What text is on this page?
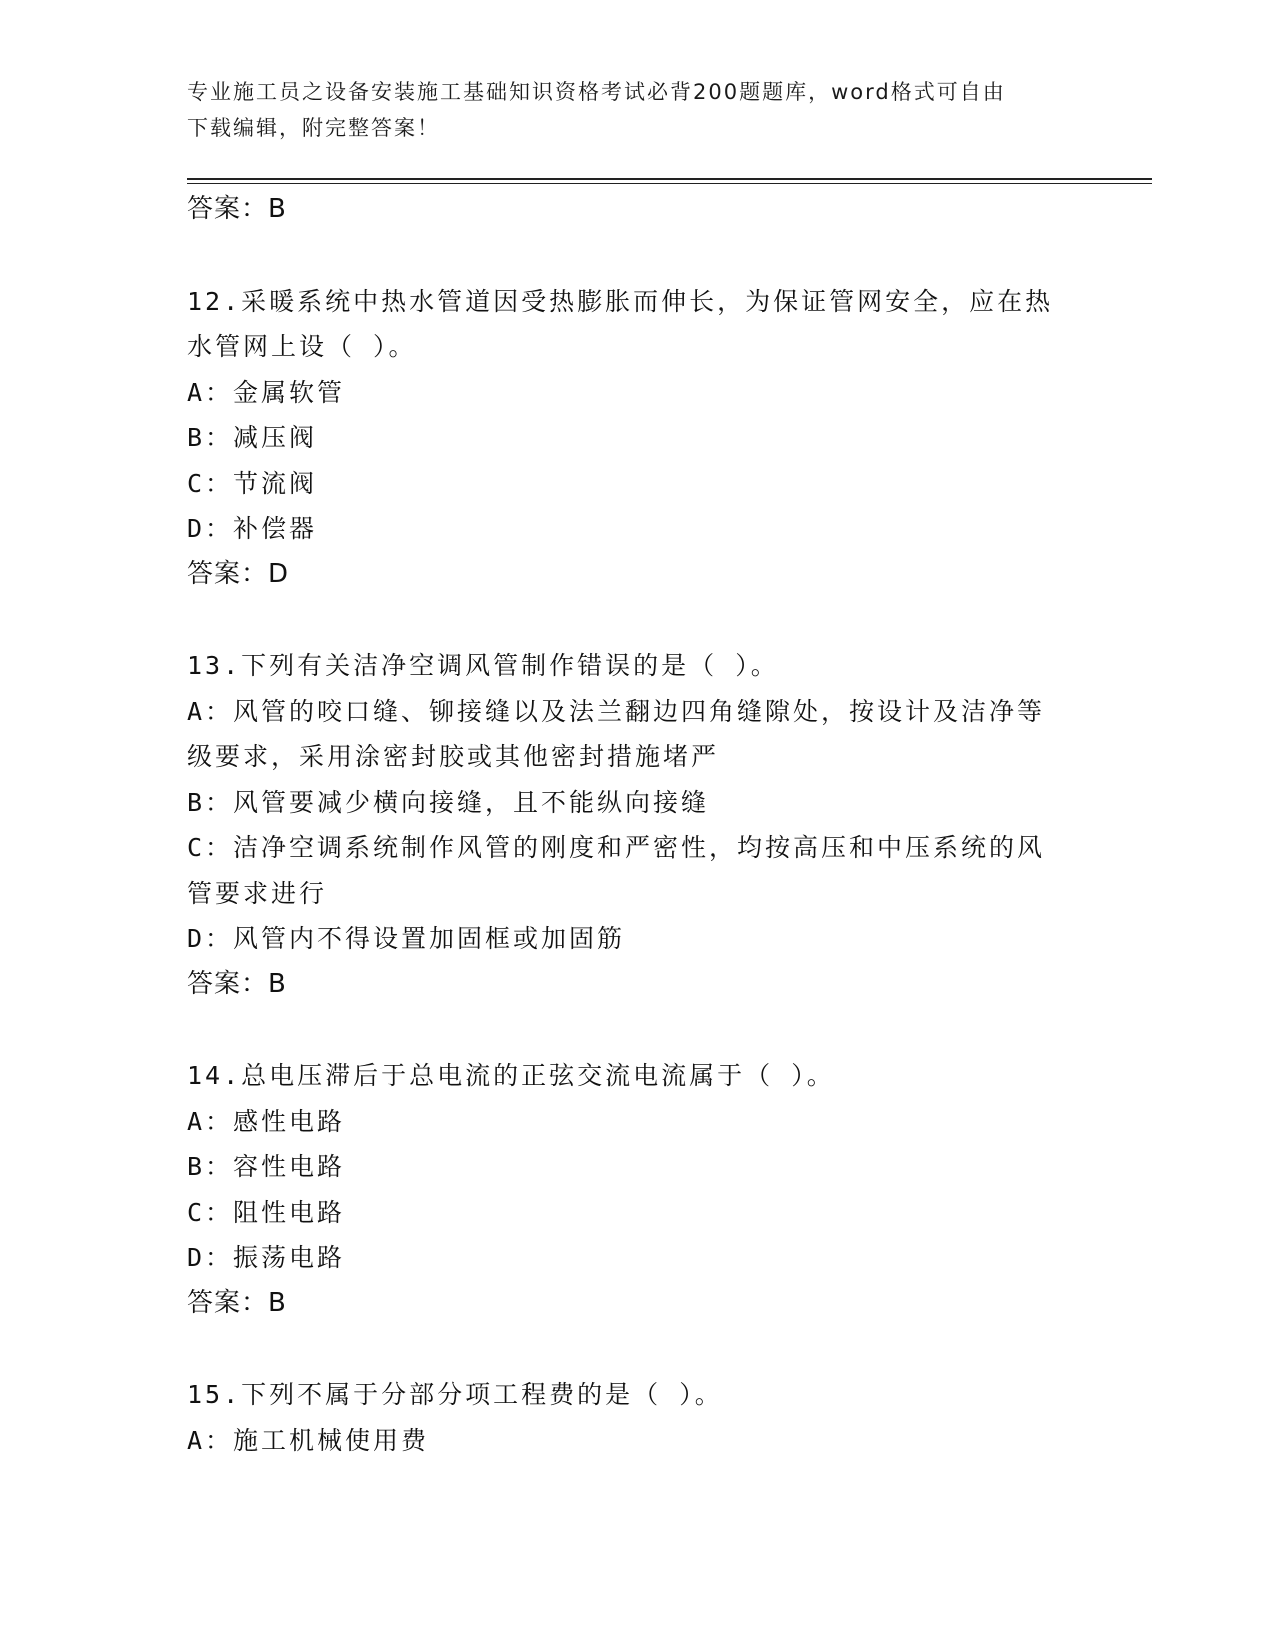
专业施工员之设备安装施工基础知识资格考试必背200题题库，word格式可自由
下载编辑，附完整答案！
答案：B
12.采暖系统中热水管道因受热膨胀而伸长，为保证管网安全，应在热
水管网上设（ ）。
A：金属软管
B：减压阀
C：节流阀
D：补偿器
答案：D
13.下列有关洁净空调风管制作错误的是（ ）。
A：风管的咬口缝、铆接缝以及法兰翻边四角缝隙处，按设计及洁净等
级要求，采用涂密封胶或其他密封措施堵严
B：风管要减少横向接缝，且不能纵向接缝
C：洁净空调系统制作风管的刚度和严密性，均按高压和中压系统的风
管要求进行
D：风管内不得设置加固框或加固筋
答案：B
14.总电压滞后于总电流的正弦交流电流属于（ ）。
A：感性电路
B：容性电路
C：阻性电路
D：振荡电路
答案：B
15.下列不属于分部分项工程费的是（ ）。
A：施工机械使用费
